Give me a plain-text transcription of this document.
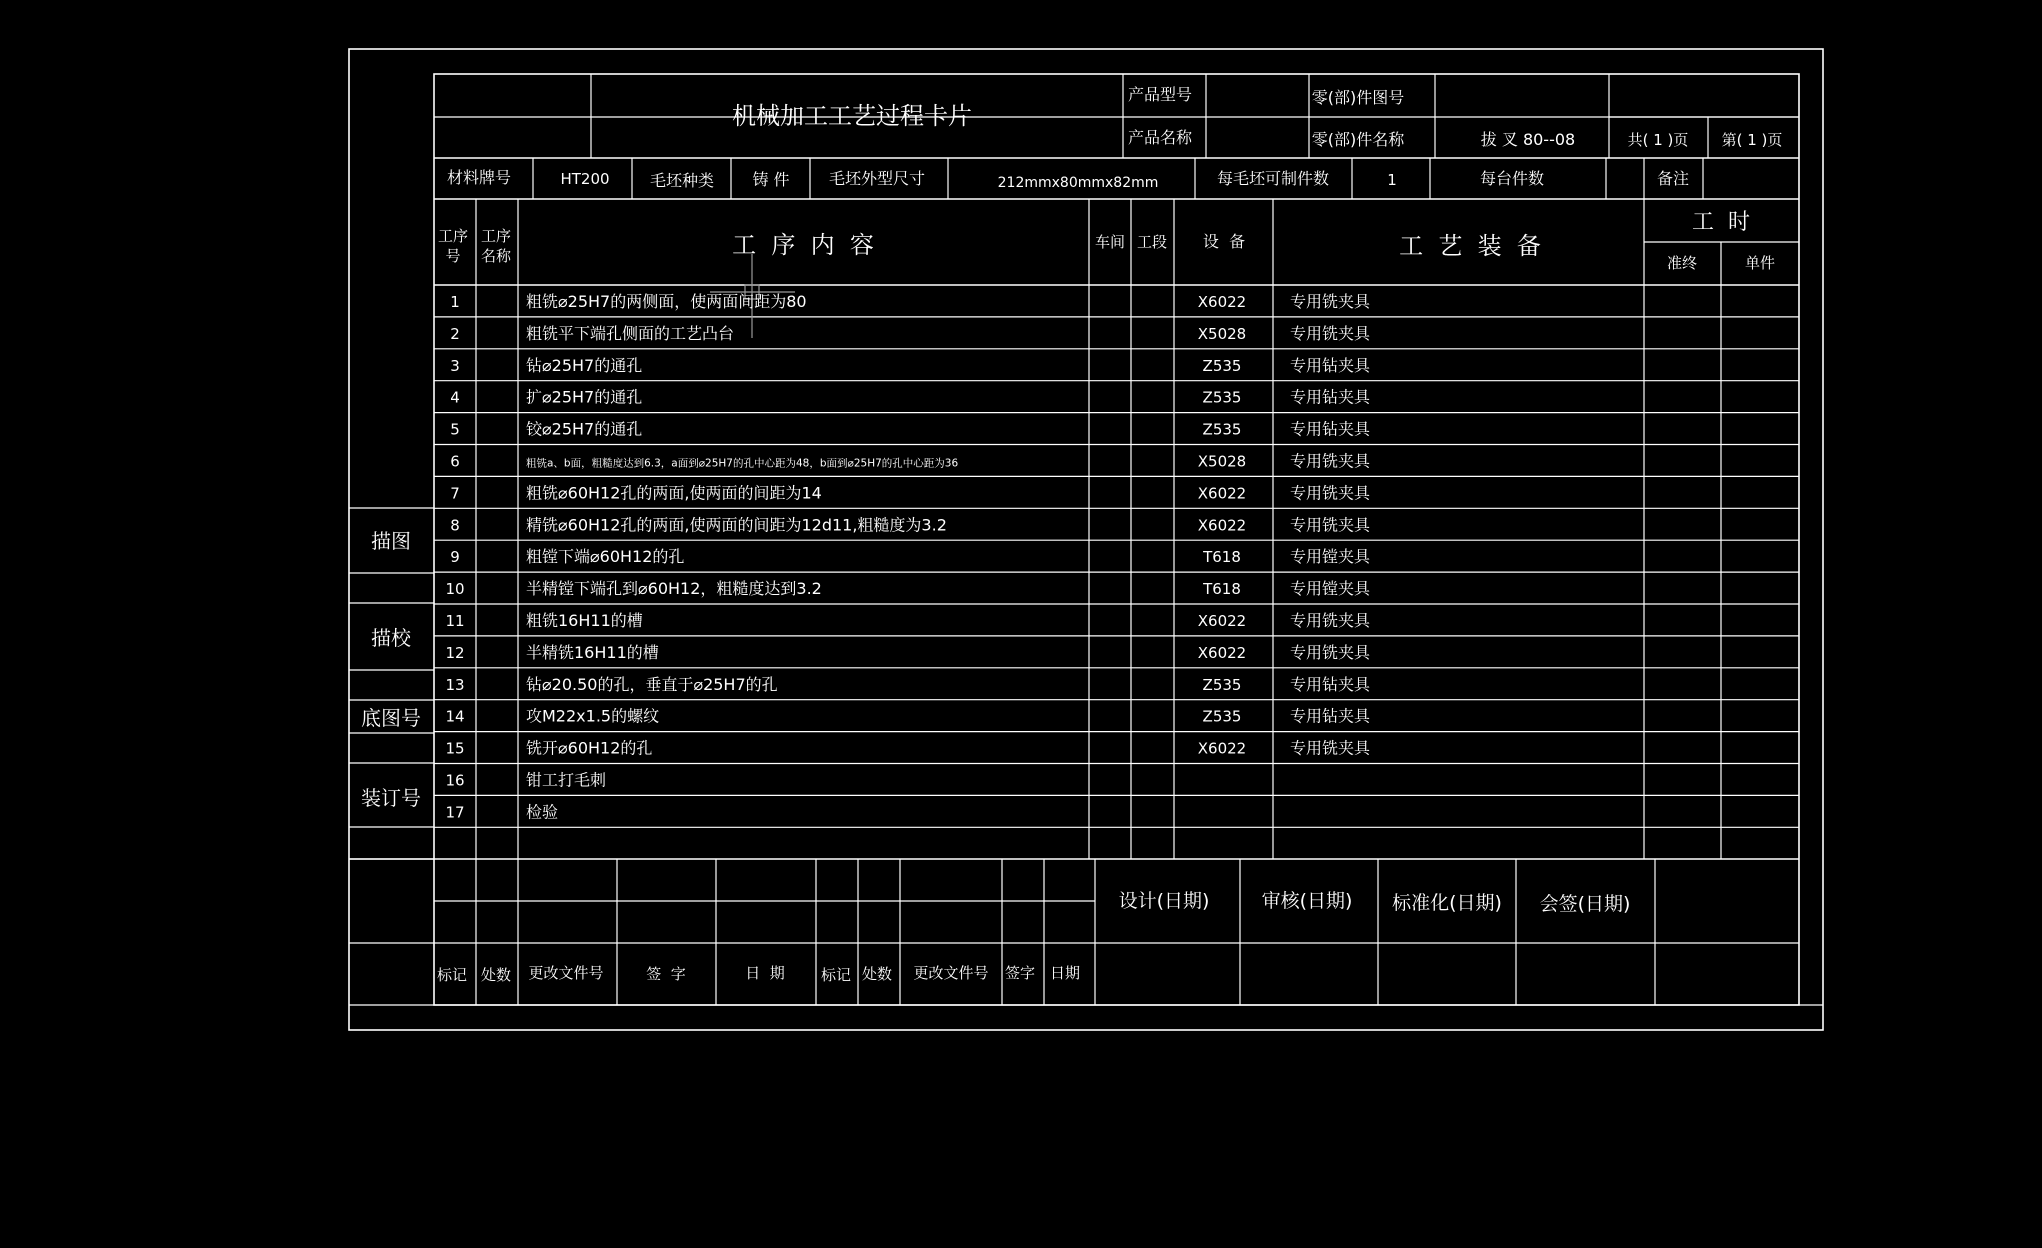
机械加工工艺过程卡片
产品型号
产品名称
零(部)件图号
零(部)件名称	拔 叉 80--08	共( 1 )页 第( 1 )页
材料牌号	HT200	毛坯种类 铸 件 毛坯外型尺寸	212mmx80mmx82mm	每毛坯可制件数	1	每台件数	备注
工序号
工序名称	工  序  内  容	车间 工段 设  备	工  艺  装  备
工  时
准终	单件
1	粗铣⌀25H7的两侧面，使两面间距为80	X6022	专用铣夹具
2	粗铣平下端孔侧面的工艺凸台	X5028	专用铣夹具
3	钻⌀25H7的通孔	Z535	专用钻夹具
4	扩⌀25H7的通孔	Z535	专用钻夹具
5	铰⌀25H7的通孔	Z535	专用钻夹具
6	粗铣a、b面，粗糙度达到6.3，a面到⌀25H7的孔中心距为48，b面到⌀25H7的孔中心距为36	X5028	专用铣夹具
7	粗铣⌀60H12孔的两面,使两面的间距为14	X6022	专用铣夹具
8	精铣⌀60H12孔的两面,使两面的间距为12d11,粗糙度为3.2	X6022	专用铣夹具
9	粗镗下端⌀60H12的孔	T618	专用镗夹具
10	半精镗下端孔到⌀60H12，粗糙度达到3.2	T618	专用镗夹具
11	粗铣16H11的槽	X6022	专用铣夹具
12	半精铣16H11的槽	X6022	专用铣夹具
13	钻⌀20.50的孔，垂直于⌀25H7的孔	Z535	专用钻夹具
14	攻M22x1.5的螺纹	Z535	专用钻夹具
15	铣开⌀60H12的孔	X6022	专用铣夹具
16	钳工打毛刺
17	检验
描图
描校
底图号
装订号
标记 处数 更改文件号	签  字	日  期 标记 处数 更改文件号 签字 日期
设计(日期)	审核(日期) 标准化(日期) 会签(日期)
